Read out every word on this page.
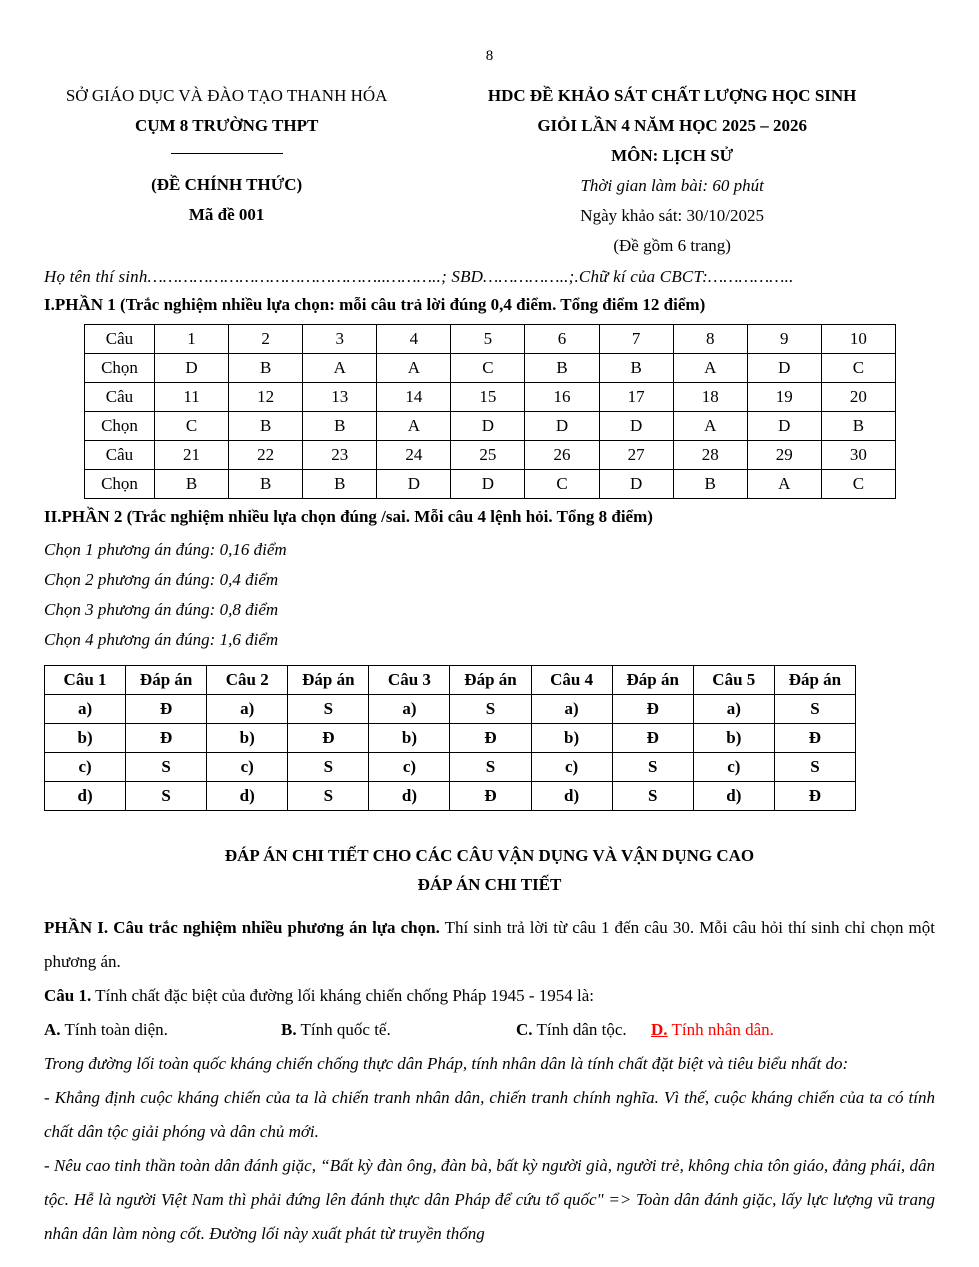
8
SỞ GIÁO DỤC VÀ ĐÀO TẠO THANH HÓA
CỤM 8 TRƯỜNG THPT
(ĐỀ CHÍNH THỨC)
Mã đề 001
HDC ĐỀ KHẢO SÁT CHẤT LƯỢNG HỌC SINH
GIỎI LẦN 4 NĂM HỌC 2025 – 2026
MÔN: LỊCH SỬ
Thời gian làm bài: 60 phút
Ngày khảo sát: 30/10/2025
(Đề gồm 6 trang)
Họ tên thí sinh………………………………………..………..; SBD……………..;.Chữ kí của CBCT:……………..
I.PHẦN 1 (Trắc nghiệm nhiều lựa chọn: mỗi câu trả lời đúng 0,4 điểm. Tổng điểm 12 điểm)
Câu	1	2	3	4	5	6	7	8	9	10
Chọn	D	B	A	A	C	B	B	A	D	C
Câu	11	12	13	14	15	16	17	18	19	20
Chọn	C	B	B	A	D	D	D	A	D	B
Câu	21	22	23	24	25	26	27	28	29	30
Chọn	B	B	B	D	D	C	D	B	A	C
II.PHẦN 2 (Trắc nghiệm nhiều lựa chọn đúng /sai. Mỗi câu 4 lệnh hỏi. Tổng 8 điểm)

Chọn 1 phương án đúng: 0,16 điểm

Chọn 2 phương án đúng: 0,4 điểm

Chọn 3 phương án đúng: 0,8 điểm

Chọn 4 phương án đúng: 1,6 điểm

Câu 1	Đáp án	Câu 2	Đáp án	Câu 3	Đáp án	Câu 4	Đáp án	Câu 5	Đáp án
a)	Đ	a)	S	a)	S	a)	Đ	a)	S
b)	Đ	b)	Đ	b)	Đ	b)	Đ	b)	Đ
c)	S	c)	S	c)	S	c)	S	c)	S
d)	S	d)	S	d)	Đ	d)	S	d)	Đ
ĐÁP ÁN CHI TIẾT CHO CÁC CÂU VẬN DỤNG VÀ VẬN DỤNG CAO
ĐÁP ÁN CHI TIẾT

PHẦN I. Câu trắc nghiệm nhiều phương án lựa chọn. Thí sinh trả lời từ câu 1 đến câu 30. Mỗi câu hỏi thí sinh chỉ chọn một phương án.

Câu 1. Tính chất đặc biệt của đường lối kháng chiến chống Pháp 1945 - 1954 là:

A. Tính toàn diện.	B. Tính quốc tế.	C. Tính dân tộc.	D. Tính nhân dân.

Trong đường lối toàn quốc kháng chiến chống thực dân Pháp, tính nhân dân là tính chất đặt biệt và tiêu biểu nhất do:

- Khẳng định cuộc kháng chiến của ta là chiến tranh nhân dân, chiến tranh chính nghĩa. Vì thế, cuộc kháng chiến của ta có tính chất dân tộc giải phóng và dân chủ mới.

- Nêu cao tinh thần toàn dân đánh giặc, “Bất kỳ đàn ông, đàn bà, bất kỳ người già, người trẻ, không chia tôn giáo, đảng phái, dân tộc. Hễ là người Việt Nam thì phải đứng lên đánh thực dân Pháp để cứu tổ quốc" => Toàn dân đánh giặc, lấy lực lượng vũ trang nhân dân làm nòng cốt. Đường lối này xuất phát từ truyền thống
